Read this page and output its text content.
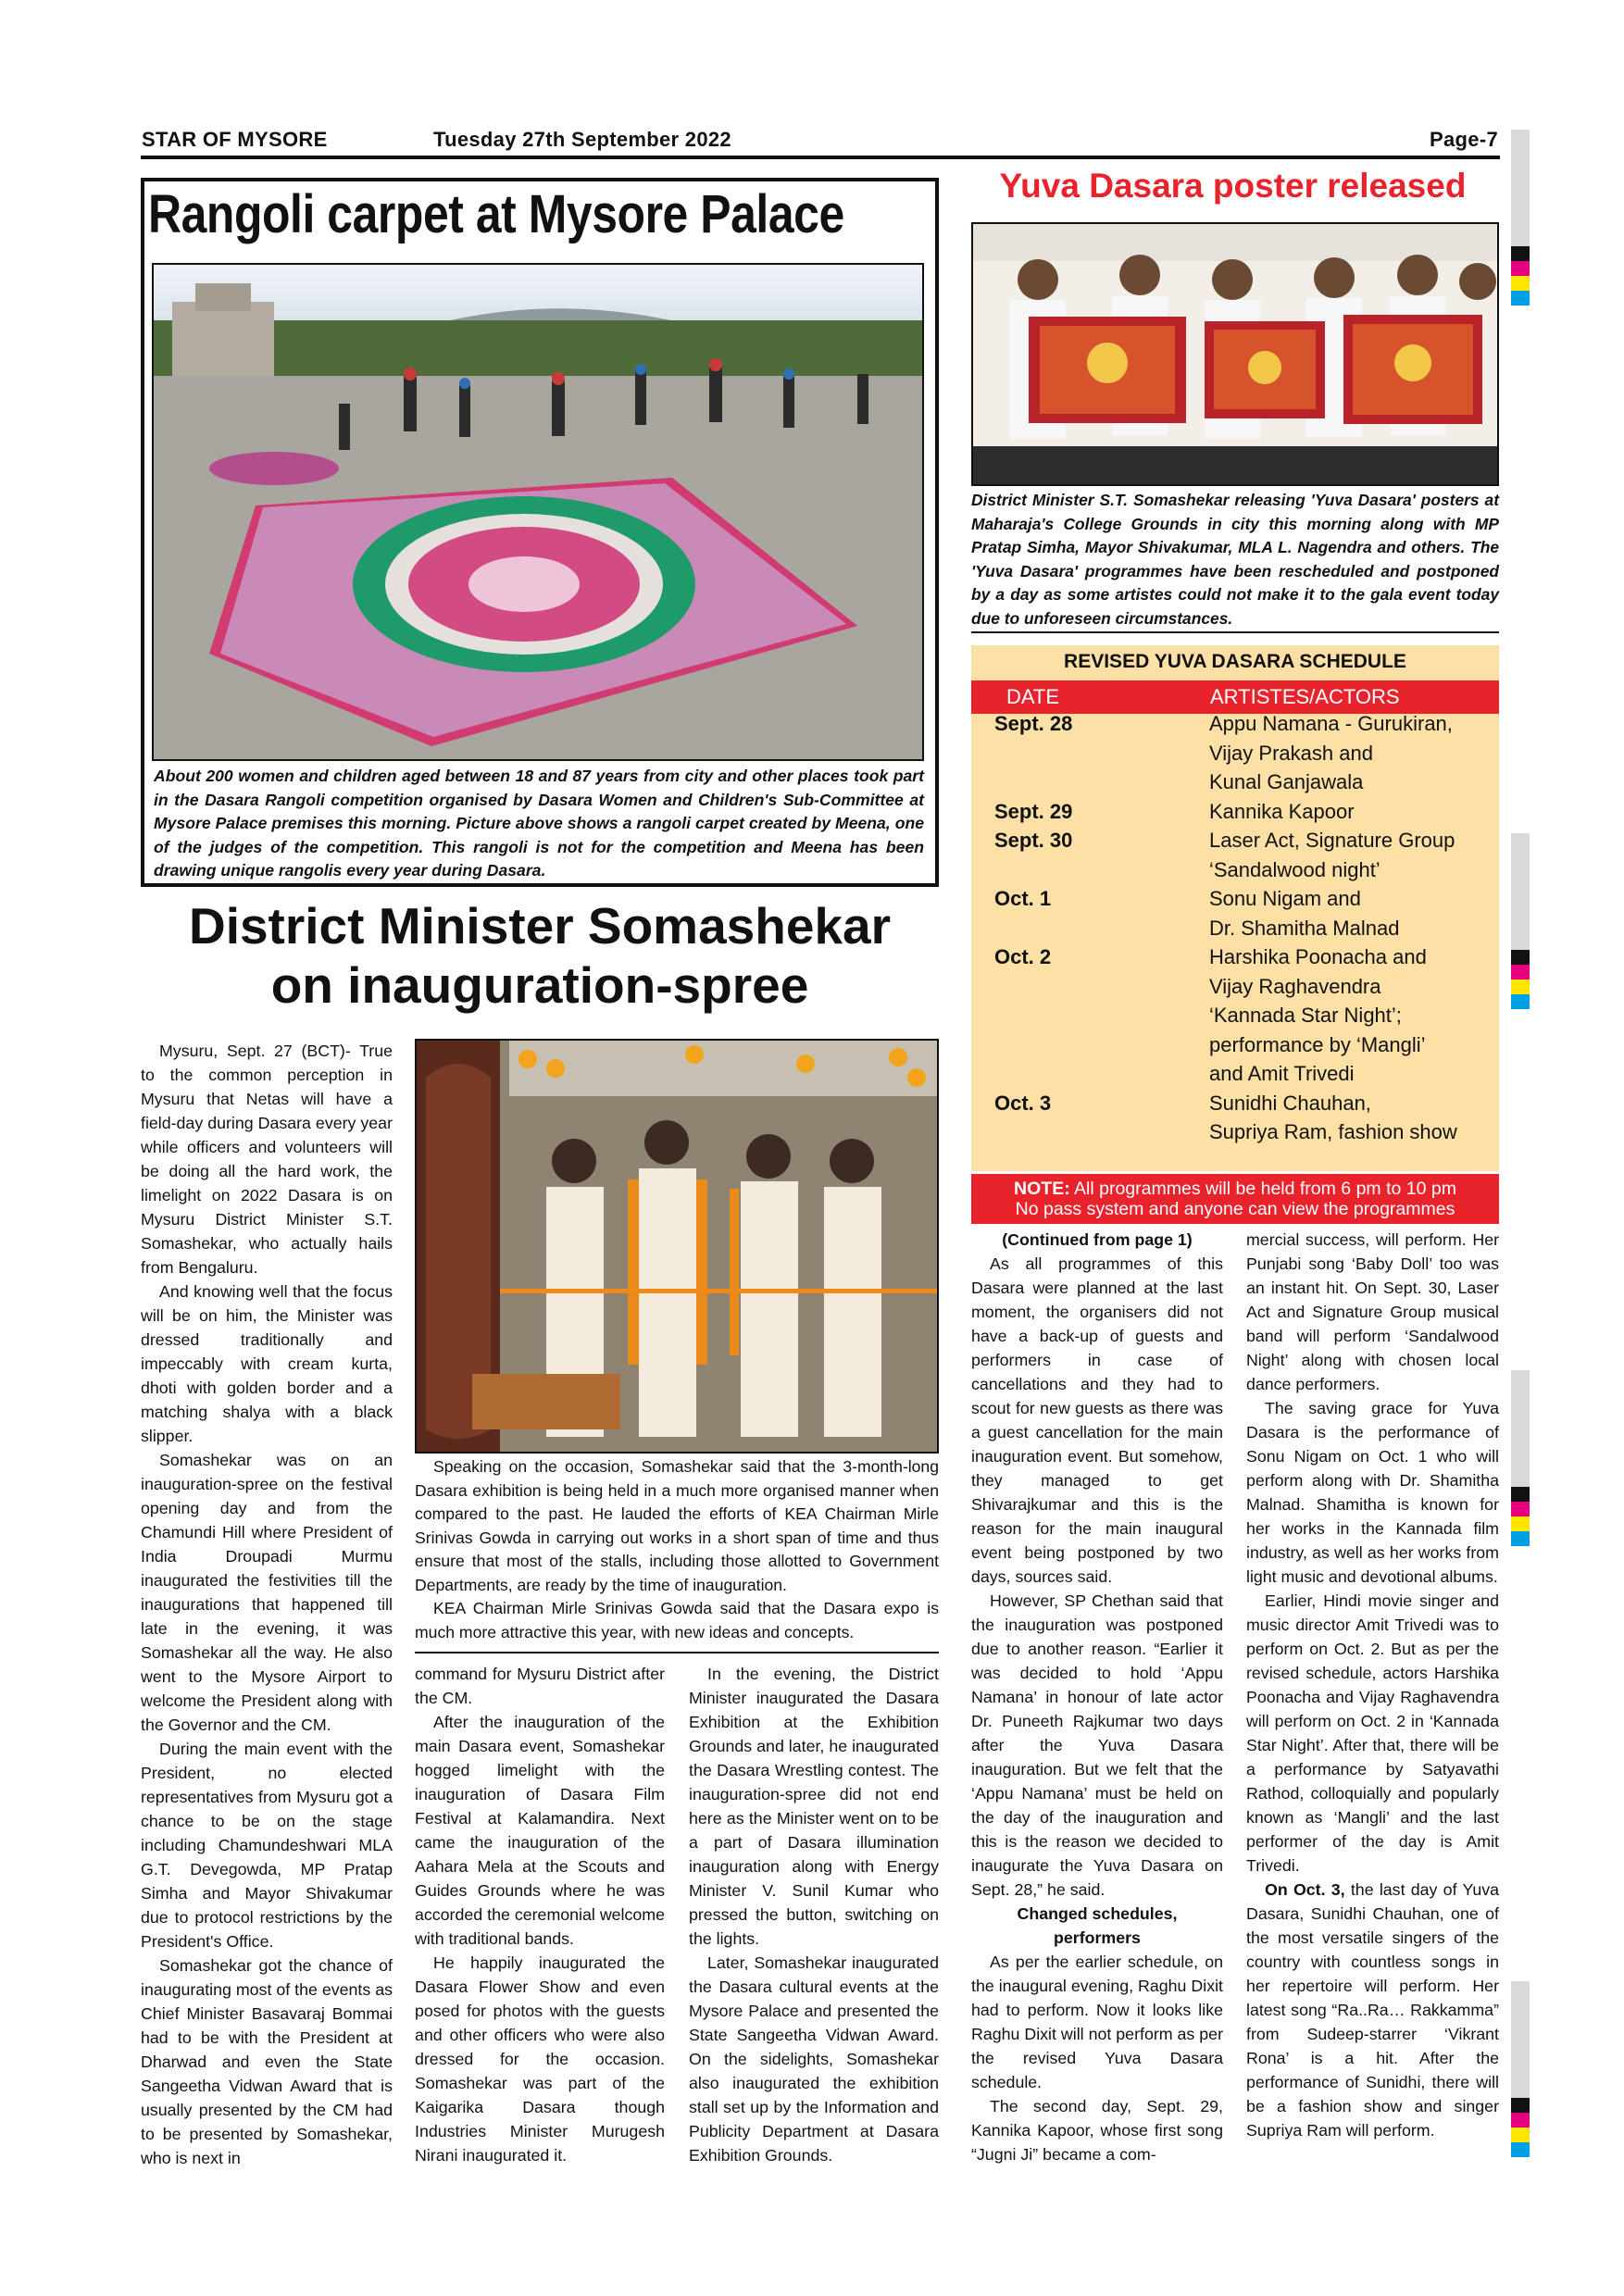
STAR OF MYSORE	Tuesday 27th September 2022	Page-7
Rangoli carpet at Mysore Palace
About 200 women and children aged between 18 and 87 years from city and other places took part in the Dasara Rangoli competition organised by Dasara Women and Children's Sub-Committee at Mysore Palace premises this morning. Picture above shows a rangoli carpet created by Meena, one of the judges of the competition. This rangoli is not for the competition and Meena has been drawing unique rangolis every year during Dasara.
Yuva Dasara poster released
District Minister S.T. Somashekar releasing 'Yuva Dasara' posters at Maharaja's College Grounds in city this morning along with MP Pratap Simha, Mayor Shivakumar, MLA L. Nagendra and others. The 'Yuva Dasara' programmes have been rescheduled and postponed by a day as some artistes could not make it to the gala event today due to unforeseen circumstances.
REVISED YUVA DASARA SCHEDULE
DATE	ARTISTES/ACTORS
Sept. 28	Appu Namana - Gurukiran,
Vijay Prakash and
Kunal Ganjawala
Sept. 29	Kannika Kapoor
Sept. 30	Laser Act, Signature Group
‘Sandalwood night’
Oct. 1	Sonu Nigam and
Dr. Shamitha Malnad
Oct. 2	Harshika Poonacha and
Vijay Raghavendra
‘Kannada Star Night’;
performance by ‘Mangli’
and Amit Trivedi
Oct. 3	Sunidhi Chauhan,
Supriya Ram, fashion show
NOTE: All programmes will be held from 6 pm to 10 pm
No pass system and anyone can view the programmes
District Minister Somashekar
on inauguration-spree

Mysuru, Sept. 27 (BCT)- True to the common perception in Mysuru that Netas will have a field-day during Dasara every year while officers and volunteers will be doing all the hard work, the limelight on 2022 Dasara is on Mysuru District Minister S.T. Somashekar, who actually hails from Bengaluru.

And knowing well that the focus will be on him, the Minister was dressed traditionally and impeccably with cream kurta, dhoti with golden border and a matching shalya with a black slipper.

Somashekar was on an inauguration-spree on the festival opening day and from the Chamundi Hill where President of India Droupadi Murmu inaugurated the festivities till the inaugurations that happened till late in the evening, it was Somashekar all the way. He also went to the Mysore Airport to welcome the President along with the Governor and the CM.

During the main event with the President, no elected representatives from Mysuru got a chance to be on the stage including Chamundeshwari MLA G.T. Devegowda, MP Pratap Simha and Mayor Shivakumar due to protocol restrictions by the President's Office.

Somashekar got the chance of inaugurating most of the events as Chief Minister Basavaraj Bommai had to be with the President at Dharwad and even the State Sangeetha Vidwan Award that is usually presented by the CM had to be presented by Somashekar, who is next in

Speaking on the occasion, Somashekar said that the 3-month-long Dasara exhibition is being held in a much more organised manner when compared to the past. He lauded the efforts of KEA Chairman Mirle Srinivas Gowda in carrying out works in a short span of time and thus ensure that most of the stalls, including those allotted to Government Departments, are ready by the time of inauguration.

KEA Chairman Mirle Srinivas Gowda said that the Dasara expo is much more attractive this year, with new ideas and concepts.

command for Mysuru District after the CM.

After the inauguration of the main Dasara event, Somashekar hogged limelight with the inauguration of Dasara Film Festival at Kalamandira. Next came the inauguration of the Aahara Mela at the Scouts and Guides Grounds where he was accorded the ceremonial welcome with traditional bands.

He happily inaugurated the Dasara Flower Show and even posed for photos with the guests and other officers who were also dressed for the occasion. Somashekar was part of the Kaigarika Dasara though Industries Minister Murugesh Nirani inaugurated it.

In the evening, the District Minister inaugurated the Dasara Exhibition at the Exhibition Grounds and later, he inaugurated the Dasara Wrestling contest. The inauguration-spree did not end here as the Minister went on to be a part of Dasara illumination inauguration along with Energy Minister V. Sunil Kumar who pressed the button, switching on the lights.

Later, Somashekar inaugurated the Dasara cultural events at the Mysore Palace and presented the State Sangeetha Vidwan Award. On the sidelights, Somashekar also inaugurated the exhibition stall set up by the Information and Publicity Department at Dasara Exhibition Grounds.

(Continued from page 1)

As all programmes of this Dasara were planned at the last moment, the organisers did not have a back-up of guests and performers in case of cancellations and they had to scout for new guests as there was a guest cancellation for the main inauguration event. But somehow, they managed to get Shivarajkumar and this is the reason for the main inaugural event being postponed by two days, sources said.

However, SP Chethan said that the inauguration was postponed due to another reason. “Earlier it was decided to hold ‘Appu Namana’ in honour of late actor Dr. Puneeth Rajkumar two days after the Yuva Dasara inauguration. But we felt that the ‘Appu Namana’ must be held on the day of the inauguration and this is the reason we decided to inaugurate the Yuva Dasara on Sept. 28,” he said.

Changed schedules,

performers

As per the earlier schedule, on the inaugural evening, Raghu Dixit had to perform. Now it looks like Raghu Dixit will not perform as per the revised Yuva Dasara schedule.

The second day, Sept. 29, Kannika Kapoor, whose first song “Jugni Ji” became a com-

mercial success, will perform. Her Punjabi song ‘Baby Doll’ too was an instant hit. On Sept. 30, Laser Act and Signature Group musical band will perform ‘Sandalwood Night’ along with chosen local dance performers.

The saving grace for Yuva Dasara is the performance of Sonu Nigam on Oct. 1 who will perform along with Dr. Shamitha Malnad. Shamitha is known for her works in the Kannada film industry, as well as her works from light music and devotional albums.

Earlier, Hindi movie singer and music director Amit Trivedi was to perform on Oct. 2. But as per the revised schedule, actors Harshika Poonacha and Vijay Raghavendra will perform on Oct. 2 in ‘Kannada Star Night’. After that, there will be a performance by Satyavathi Rathod, colloquially and popularly known as ‘Mangli’ and the last performer of the day is Amit Trivedi.

On Oct. 3, the last day of Yuva Dasara, Sunidhi Chauhan, one of the most versatile singers of the country with countless songs in her repertoire will perform. Her latest song “Ra..Ra… Rakkamma” from Sudeep-starrer ‘Vikrant Rona’ is a hit. After the performance of Sunidhi, there will be a fashion show and singer Supriya Ram will perform.
